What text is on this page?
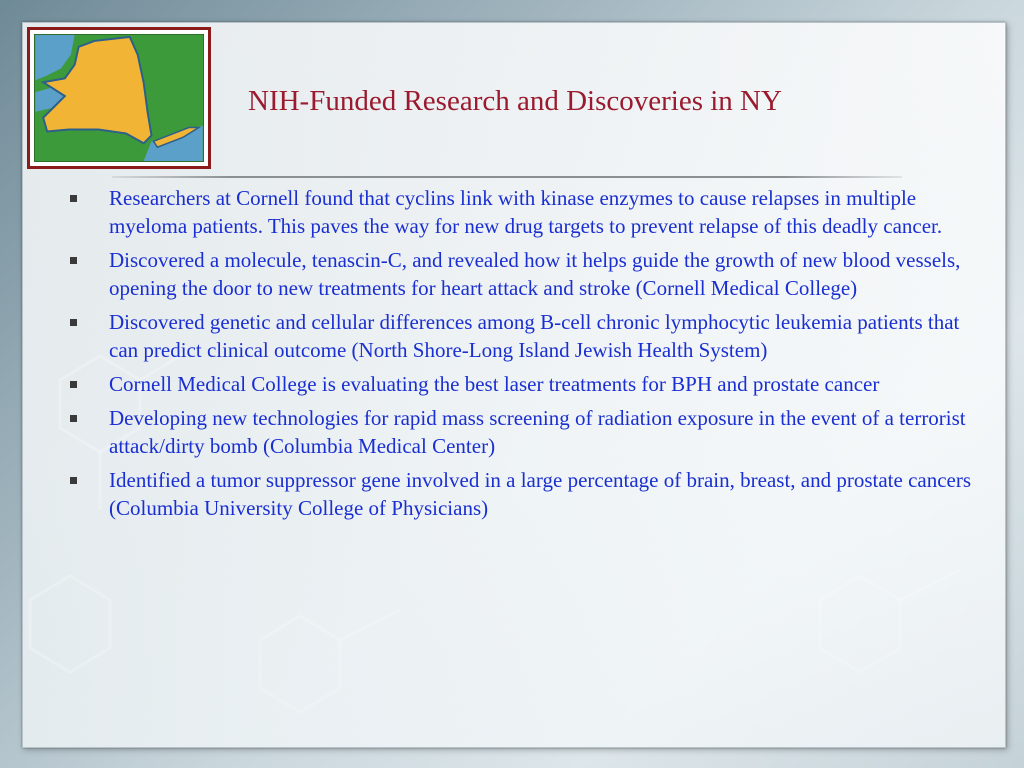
NIH-Funded Research and Discoveries in NY
Researchers at Cornell found that cyclins link with kinase enzymes to cause relapses in multiple myeloma patients. This paves the way for new drug targets to prevent relapse of this deadly cancer.
Discovered a molecule, tenascin-C, and revealed how it helps guide the growth of new blood vessels, opening the door to new treatments for heart attack and stroke (Cornell Medical College)
Discovered genetic and cellular differences among B-cell chronic lymphocytic leukemia patients that can predict clinical outcome (North Shore-Long Island Jewish Health System)
Cornell Medical College is evaluating the best laser treatments for BPH and prostate cancer
Developing new technologies for rapid mass screening of radiation exposure in the event of a terrorist attack/dirty bomb (Columbia Medical Center)
Identified a tumor suppressor gene involved in a large percentage of brain, breast, and prostate cancers (Columbia University College of Physicians)
